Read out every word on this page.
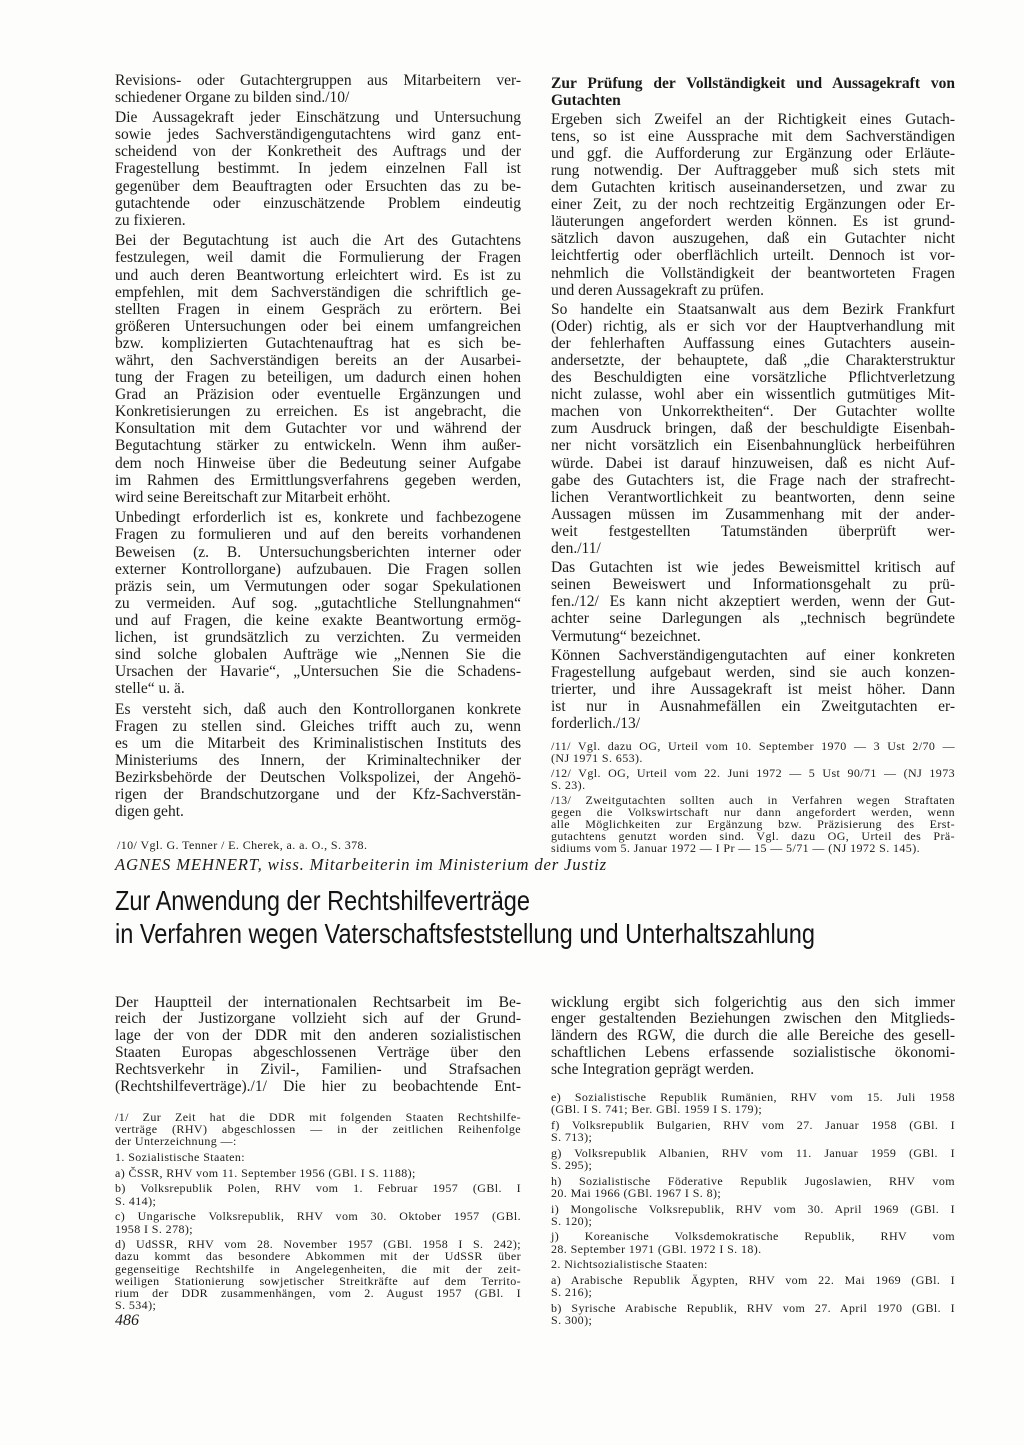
Revisions- oder Gutachtergruppen aus Mitarbeitern ver-
schiedener Organe zu bilden sind./10/
Die Aussagekraft jeder Einschätzung und Untersuchung
sowie jedes Sachverständigengutachtens wird ganz ent-
scheidend von der Konkretheit des Auftrags und der
Fragestellung bestimmt. In jedem einzelnen Fall ist
gegenüber dem Beauftragten oder Ersuchten das zu be-
gutachtende oder einzuschätzende Problem eindeutig
zu fixieren.
Bei der Begutachtung ist auch die Art des Gutachtens
festzulegen, weil damit die Formulierung der Fragen
und auch deren Beantwortung erleichtert wird. Es ist zu
empfehlen, mit dem Sachverständigen die schriftlich ge-
stellten Fragen in einem Gespräch zu erörtern. Bei
größeren Untersuchungen oder bei einem umfangreichen
bzw. komplizierten Gutachtenauftrag hat es sich be-
währt, den Sachverständigen bereits an der Ausarbei-
tung der Fragen zu beteiligen, um dadurch einen hohen
Grad an Präzision oder eventuelle Ergänzungen und
Konkretisierungen zu erreichen. Es ist angebracht, die
Konsultation mit dem Gutachter vor und während der
Begutachtung stärker zu entwickeln. Wenn ihm außer-
dem noch Hinweise über die Bedeutung seiner Aufgabe
im Rahmen des Ermittlungsverfahrens gegeben werden,
wird seine Bereitschaft zur Mitarbeit erhöht.
Unbedingt erforderlich ist es, konkrete und fachbezogene
Fragen zu formulieren und auf den bereits vorhandenen
Beweisen (z. B. Untersuchungsberichten interner oder
externer Kontrollorgane) aufzubauen. Die Fragen sollen
präzis sein, um Vermutungen oder sogar Spekulationen
zu vermeiden. Auf sog. „gutachtliche Stellungnahmen“
und auf Fragen, die keine exakte Beantwortung ermög-
lichen, ist grundsätzlich zu verzichten. Zu vermeiden
sind solche globalen Aufträge wie „Nennen Sie die
Ursachen der Havarie“, „Untersuchen Sie die Schadens-
stelle“ u. ä.
Es versteht sich, daß auch den Kontrollorganen konkrete
Fragen zu stellen sind. Gleiches trifft auch zu, wenn
es um die Mitarbeit des Kriminalistischen Instituts des
Ministeriums des Innern, der Kriminaltechniker der
Bezirksbehörde der Deutschen Volkspolizei, der Angehö-
rigen der Brandschutzorgane und der Kfz-Sachverstän-
digen geht.
/10/ Vgl. G. Tenner / E. Cherek, a. a. O., S. 378.
Zur Prüfung der Vollständigkeit und Aussagekraft von
Gutachten
Ergeben sich Zweifel an der Richtigkeit eines Gutach-
tens, so ist eine Aussprache mit dem Sachverständigen
und ggf. die Aufforderung zur Ergänzung oder Erläute-
rung notwendig. Der Auftraggeber muß sich stets mit
dem Gutachten kritisch auseinandersetzen, und zwar zu
einer Zeit, zu der noch rechtzeitig Ergänzungen oder Er-
läuterungen angefordert werden können. Es ist grund-
sätzlich davon auszugehen, daß ein Gutachter nicht
leichtfertig oder oberflächlich urteilt. Dennoch ist vor-
nehmlich die Vollständigkeit der beantworteten Fragen
und deren Aussagekraft zu prüfen.
So handelte ein Staatsanwalt aus dem Bezirk Frankfurt
(Oder) richtig, als er sich vor der Hauptverhandlung mit
der fehlerhaften Auffassung eines Gutachters ausein-
andersetzte, der behauptete, daß „die Charakterstruktur
des Beschuldigten eine vorsätzliche Pflichtverletzung
nicht zulasse, wohl aber ein wissentlich gutmütiges Mit-
machen von Unkorrektheiten“. Der Gutachter wollte
zum Ausdruck bringen, daß der beschuldigte Eisenbah-
ner nicht vorsätzlich ein Eisenbahnunglück herbeiführen
würde. Dabei ist darauf hinzuweisen, daß es nicht Auf-
gabe des Gutachters ist, die Frage nach der strafrecht-
lichen Verantwortlichkeit zu beantworten, denn seine
Aussagen müssen im Zusammenhang mit der ander-
weit festgestellten Tatumständen überprüft wer-
den./11/
Das Gutachten ist wie jedes Beweismittel kritisch auf
seinen Beweiswert und Informationsgehalt zu prü-
fen./12/ Es kann nicht akzeptiert werden, wenn der Gut-
achter seine Darlegungen als „technisch begründete
Vermutung“ bezeichnet.
Können Sachverständigengutachten auf einer konkreten
Fragestellung aufgebaut werden, sind sie auch konzen-
trierter, und ihre Aussagekraft ist meist höher. Dann
ist nur in Ausnahmefällen ein Zweitgutachten er-
forderlich./13/
/11/ Vgl. dazu OG, Urteil vom 10. September 1970 — 3 Ust 2/70 —
(NJ 1971 S. 653).
/12/ Vgl. OG, Urteil vom 22. Juni 1972 — 5 Ust 90/71 — (NJ 1973
S. 23).
/13/ Zweitgutachten sollten auch in Verfahren wegen Straftaten
gegen die Volkswirtschaft nur dann angefordert werden, wenn
alle Möglichkeiten zur Ergänzung bzw. Präzisierung des Erst-
gutachtens genutzt worden sind. Vgl. dazu OG, Urteil des Prä-
sidiums vom 5. Januar 1972 — I Pr — 15 — 5/71 — (NJ 1972 S. 145).
AGNES MEHNERT, wiss. Mitarbeiterin im Ministerium der Justiz
Zur Anwendung der Rechtshilfeverträge
in Verfahren wegen Vaterschaftsfeststellung und Unterhaltszahlung
Der Hauptteil der internationalen Rechtsarbeit im Be-
reich der Justizorgane vollzieht sich auf der Grund-
lage der von der DDR mit den anderen sozialistischen
Staaten Europas abgeschlossenen Verträge über den
Rechtsverkehr in Zivil-, Familien- und Strafsachen
(Rechtshilfeverträge)./1/ Die hier zu beobachtende Ent-
wicklung ergibt sich folgerichtig aus den sich immer
enger gestaltenden Beziehungen zwischen den Mitglieds-
ländern des RGW, die durch die alle Bereiche des gesell-
schaftlichen Lebens erfassende sozialistische ökonomi-
sche Integration geprägt werden.
/1/ Zur Zeit hat die DDR mit folgenden Staaten Rechtshilfe-
verträge (RHV) abgeschlossen — in der zeitlichen Reihenfolge
der Unterzeichnung —:
1. Sozialistische Staaten:
a) ČSSR, RHV vom 11. September 1956 (GBl. I S. 1188);
b) Volksrepublik Polen, RHV vom 1. Februar 1957 (GBl. I
S. 414);
c) Ungarische Volksrepublik, RHV vom 30. Oktober 1957 (GBl.
1958 I S. 278);
d) UdSSR, RHV vom 28. November 1957 (GBl. 1958 I S. 242);
dazu kommt das besondere Abkommen mit der UdSSR über
gegenseitige Rechtshilfe in Angelegenheiten, die mit der zeit-
weiligen Stationierung sowjetischer Streitkräfte auf dem Territo-
rium der DDR zusammenhängen, vom 2. August 1957 (GBl. I
S. 534);
e) Sozialistische Republik Rumänien, RHV vom 15. Juli 1958
(GBl. I S. 741; Ber. GBl. 1959 I S. 179);
f) Volksrepublik Bulgarien, RHV vom 27. Januar 1958 (GBl. I
S. 713);
g) Volksrepublik Albanien, RHV vom 11. Januar 1959 (GBl. I
S. 295);
h) Sozialistische Föderative Republik Jugoslawien, RHV vom
20. Mai 1966 (GBl. 1967 I S. 8);
i) Mongolische Volksrepublik, RHV vom 30. April 1969 (GBl. I
S. 120);
j) Koreanische Volksdemokratische Republik, RHV vom
28. September 1971 (GBl. 1972 I S. 18).
2. Nichtsozialistische Staaten:
a) Arabische Republik Ägypten, RHV vom 22. Mai 1969 (GBl. I
S. 216);
b) Syrische Arabische Republik, RHV vom 27. April 1970 (GBl. I
S. 300);
486
